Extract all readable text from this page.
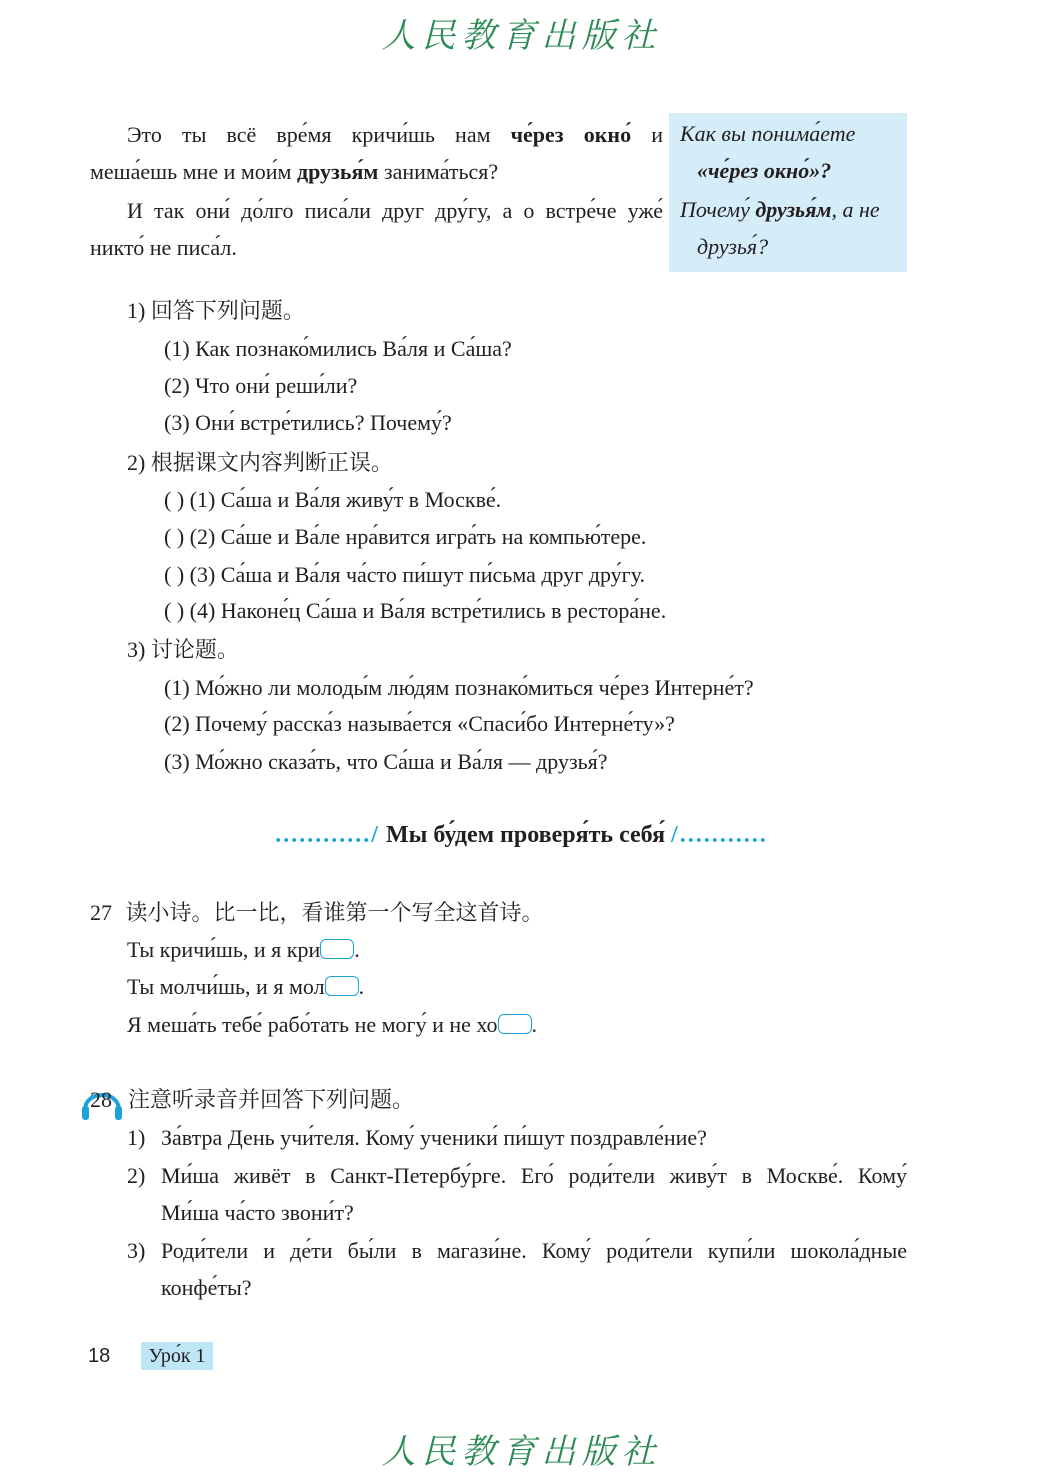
人民教育出版社
Это ты всё вре́мя кричи́шь нам че́рез окно́ и
меша́ешь мне и мои́м друзья́м занима́ться?
И так они́ до́лго писа́ли друг дру́гу, а о встре́че уже́
никто́ не писа́л.
Как вы понима́ете
«че́рез окно́»?
Почему́ друзья́м, а не
друзья́?
1) 回答下列问题。
(1) Как познако́мились Ва́ля и Са́ша?
(2) Что они́ реши́ли?
(3) Они́ встре́тились? Почему́?
2) 根据课文内容判断正误。
( ) (1) Са́ша и Ва́ля живу́т в Москве́.
( ) (2) Са́ше и Ва́ле нра́вится игра́ть на компью́тере.
( ) (3) Са́ша и Ва́ля ча́сто пи́шут пи́сьма друг дру́гу.
( ) (4) Наконе́ц Са́ша и Ва́ля встре́тились в рестора́не.
3) 讨论题。
(1) Мо́жно ли молоды́м лю́дям познако́миться че́рез Интерне́т?
(2) Почему́ расска́з называ́ется «Спаси́бо Интерне́ту»?
(3) Мо́жно сказа́ть, что Са́ша и Ва́ля — друзья́?
............/ Мы бу́дем проверя́ть себя́ /...........
27 读小诗。比一比，看谁第一个写全这首诗。
Ты кричи́шь, и я кри .
Ты молчи́шь, и я мол .
Я меша́ть тебе́ рабо́тать не могу́ и не хо .
28 注意听录音并回答下列问题。
1) За́втра День учи́теля. Кому́ ученики́ пи́шут поздравле́ние?
2) Ми́ша живёт в Санкт-Петербу́рге. Его́ роди́тели живу́т в Москве́. Кому́
Ми́ша ча́сто звони́т?
3) Роди́тели и де́ти бы́ли в магази́не. Кому́ роди́тели купи́ли шокола́дные
конфе́ты?
18	Уро́к 1
人民教育出版社
